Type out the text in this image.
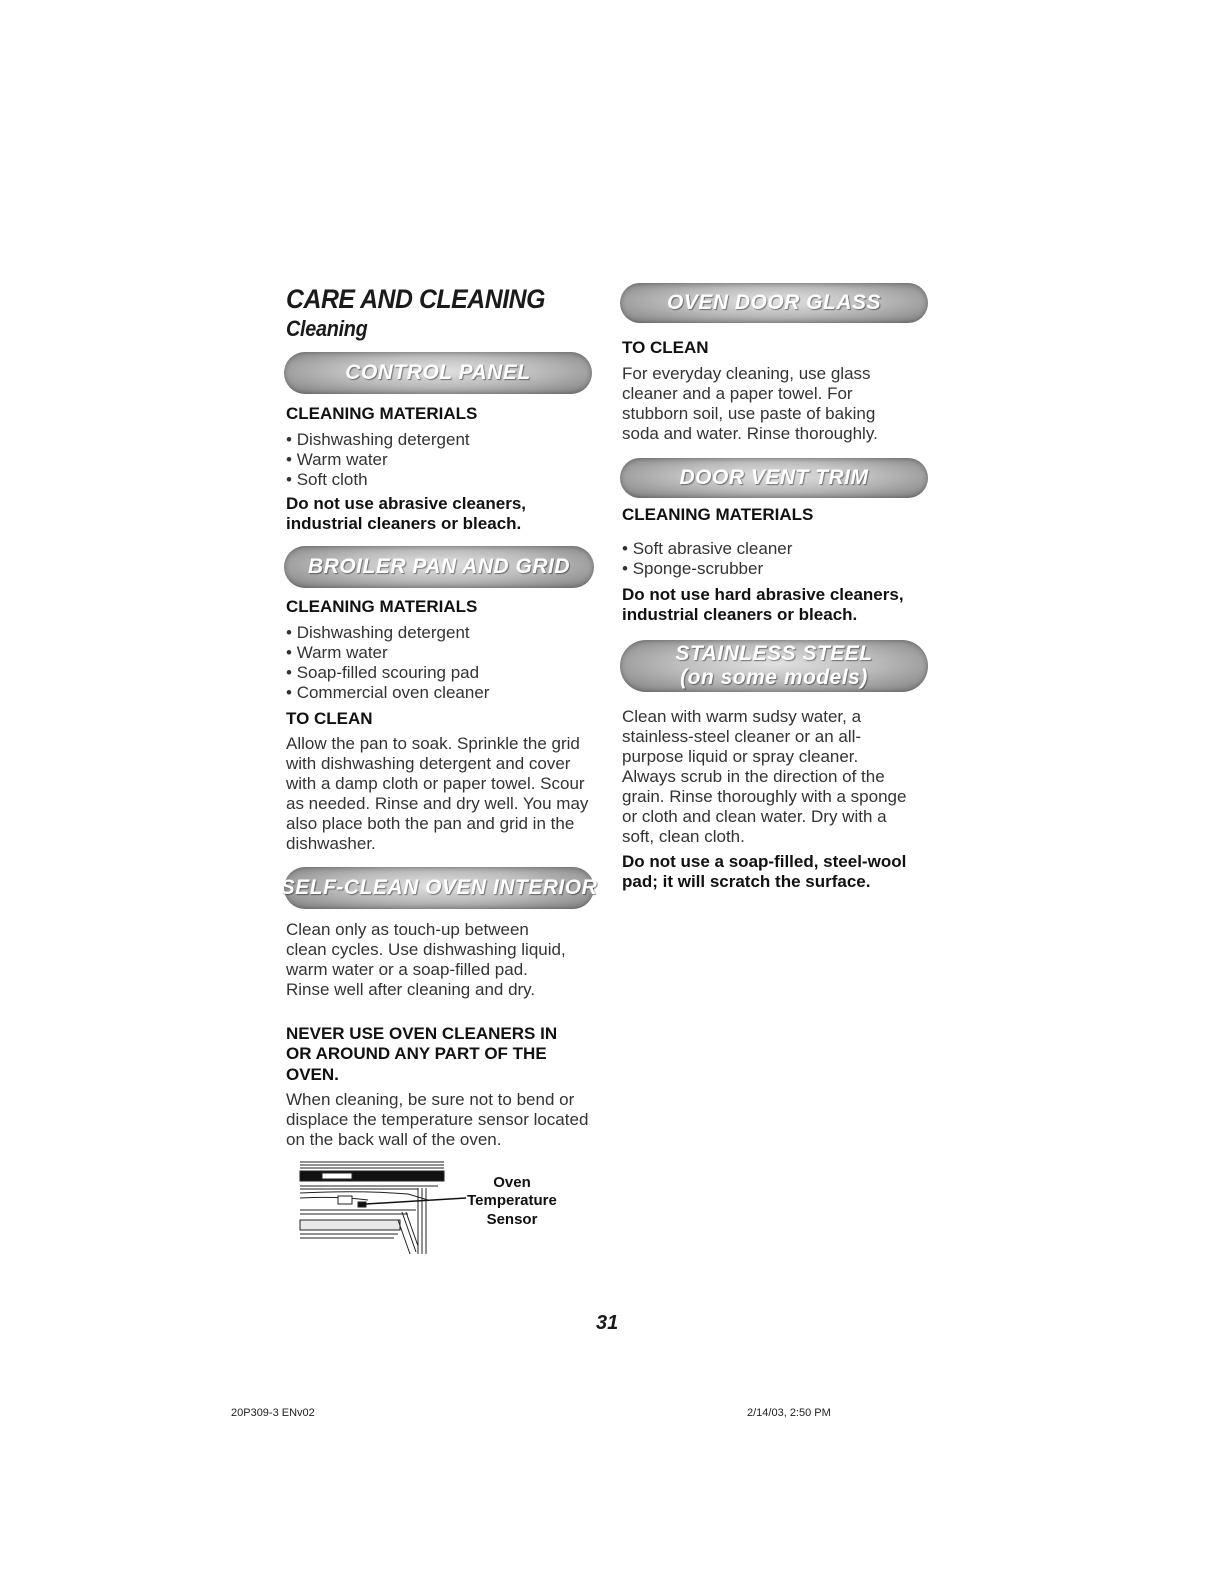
CARE AND CLEANING
Cleaning
CONTROL PANEL

CLEANING MATERIALS

• Dishwashing detergent
• Warm water
• Soft cloth

Do not use abrasive cleaners, industrial cleaners or bleach.

BROILER PAN AND GRID

CLEANING MATERIALS

• Dishwashing detergent
• Warm water
• Soap-filled scouring pad
• Commercial oven cleaner

TO CLEAN

Allow the pan to soak. Sprinkle the grid with dishwashing detergent and cover with a damp cloth or paper towel. Scour as needed. Rinse and dry well. You may also place both the pan and grid in the dishwasher.

SELF-CLEAN OVEN INTERIOR

Clean only as touch-up between clean cycles. Use dishwashing liquid, warm water or a soap-filled pad. Rinse well after cleaning and dry.

NEVER USE OVEN CLEANERS IN OR AROUND ANY PART OF THE OVEN.

When cleaning, be sure not to bend or displace the temperature sensor located on the back wall of the oven.

Oven
Temperature
Sensor
OVEN DOOR GLASS

TO CLEAN

For everyday cleaning, use glass cleaner and a paper towel. For stubborn soil, use paste of baking soda and water. Rinse thoroughly.

DOOR VENT TRIM

CLEANING MATERIALS

• Soft abrasive cleaner
• Sponge-scrubber

Do not use hard abrasive cleaners, industrial cleaners or bleach.

STAINLESS STEEL
(on some models)

Clean with warm sudsy water, a stainless-steel cleaner or an all-purpose liquid or spray cleaner. Always scrub in the direction of the grain. Rinse thoroughly with a sponge or cloth and clean water. Dry with a soft, clean cloth.

Do not use a soap-filled, steel-wool pad; it will scratch the surface.

31
20P309-3 ENv02	2/14/03, 2:50 PM
